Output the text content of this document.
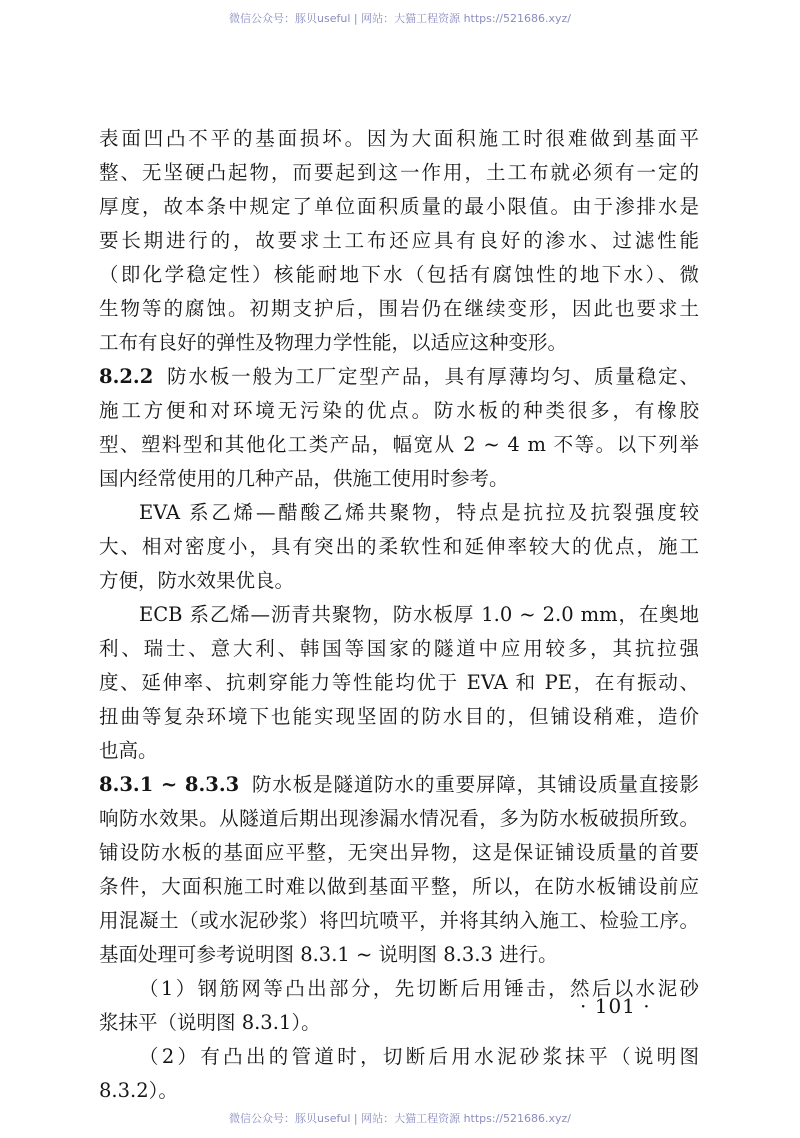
微信公众号：豚贝useful | 网站：大猫工程资源 https://521686.xyz/
表面凹凸不平的基面损坏。因为大面积施工时很难做到基面平
整、无坚硬凸起物，而要起到这一作用，土工布就必须有一定的
厚度，故本条中规定了单位面积质量的最小限值。由于渗排水是
要长期进行的，故要求土工布还应具有良好的渗水、过滤性能
（即化学稳定性）核能耐地下水（包括有腐蚀性的地下水）、微
生物等的腐蚀。初期支护后，围岩仍在继续变形，因此也要求土
工布有良好的弹性及物理力学性能，以适应这种变形。
8.2.2 防水板一般为工厂定型产品，具有厚薄均匀、质量稳定、
施工方便和对环境无污染的优点。防水板的种类很多，有橡胶
型、塑料型和其他化工类产品，幅宽从 2 ~ 4 m 不等。以下列举
国内经常使用的几种产品，供施工使用时参考。
EVA 系乙烯—醋酸乙烯共聚物，特点是抗拉及抗裂强度较
大、相对密度小，具有突出的柔软性和延伸率较大的优点，施工
方便，防水效果优良。
ECB 系乙烯—沥青共聚物，防水板厚 1.0 ~ 2.0 mm，在奥地
利、瑞士、意大利、韩国等国家的隧道中应用较多，其抗拉强
度、延伸率、抗刺穿能力等性能均优于 EVA 和 PE，在有振动、
扭曲等复杂环境下也能实现坚固的防水目的，但铺设稍难，造价
也高。
8.3.1 ~ 8.3.3 防水板是隧道防水的重要屏障，其铺设质量直接影
响防水效果。从隧道后期出现渗漏水情况看，多为防水板破损所致。
铺设防水板的基面应平整，无突出异物，这是保证铺设质量的首要
条件，大面积施工时难以做到基面平整，所以，在防水板铺设前应
用混凝土（或水泥砂浆）将凹坑喷平，并将其纳入施工、检验工序。
基面处理可参考说明图 8.3.1 ~ 说明图 8.3.3 进行。
（1）钢筋网等凸出部分，先切断后用锤击，然后以水泥砂
浆抹平（说明图 8.3.1）。
（2）有凸出的管道时，切断后用水泥砂浆抹平（说明图
8.3.2）。
· 101 ·
微信公众号：豚贝useful | 网站：大猫工程资源 https://521686.xyz/
